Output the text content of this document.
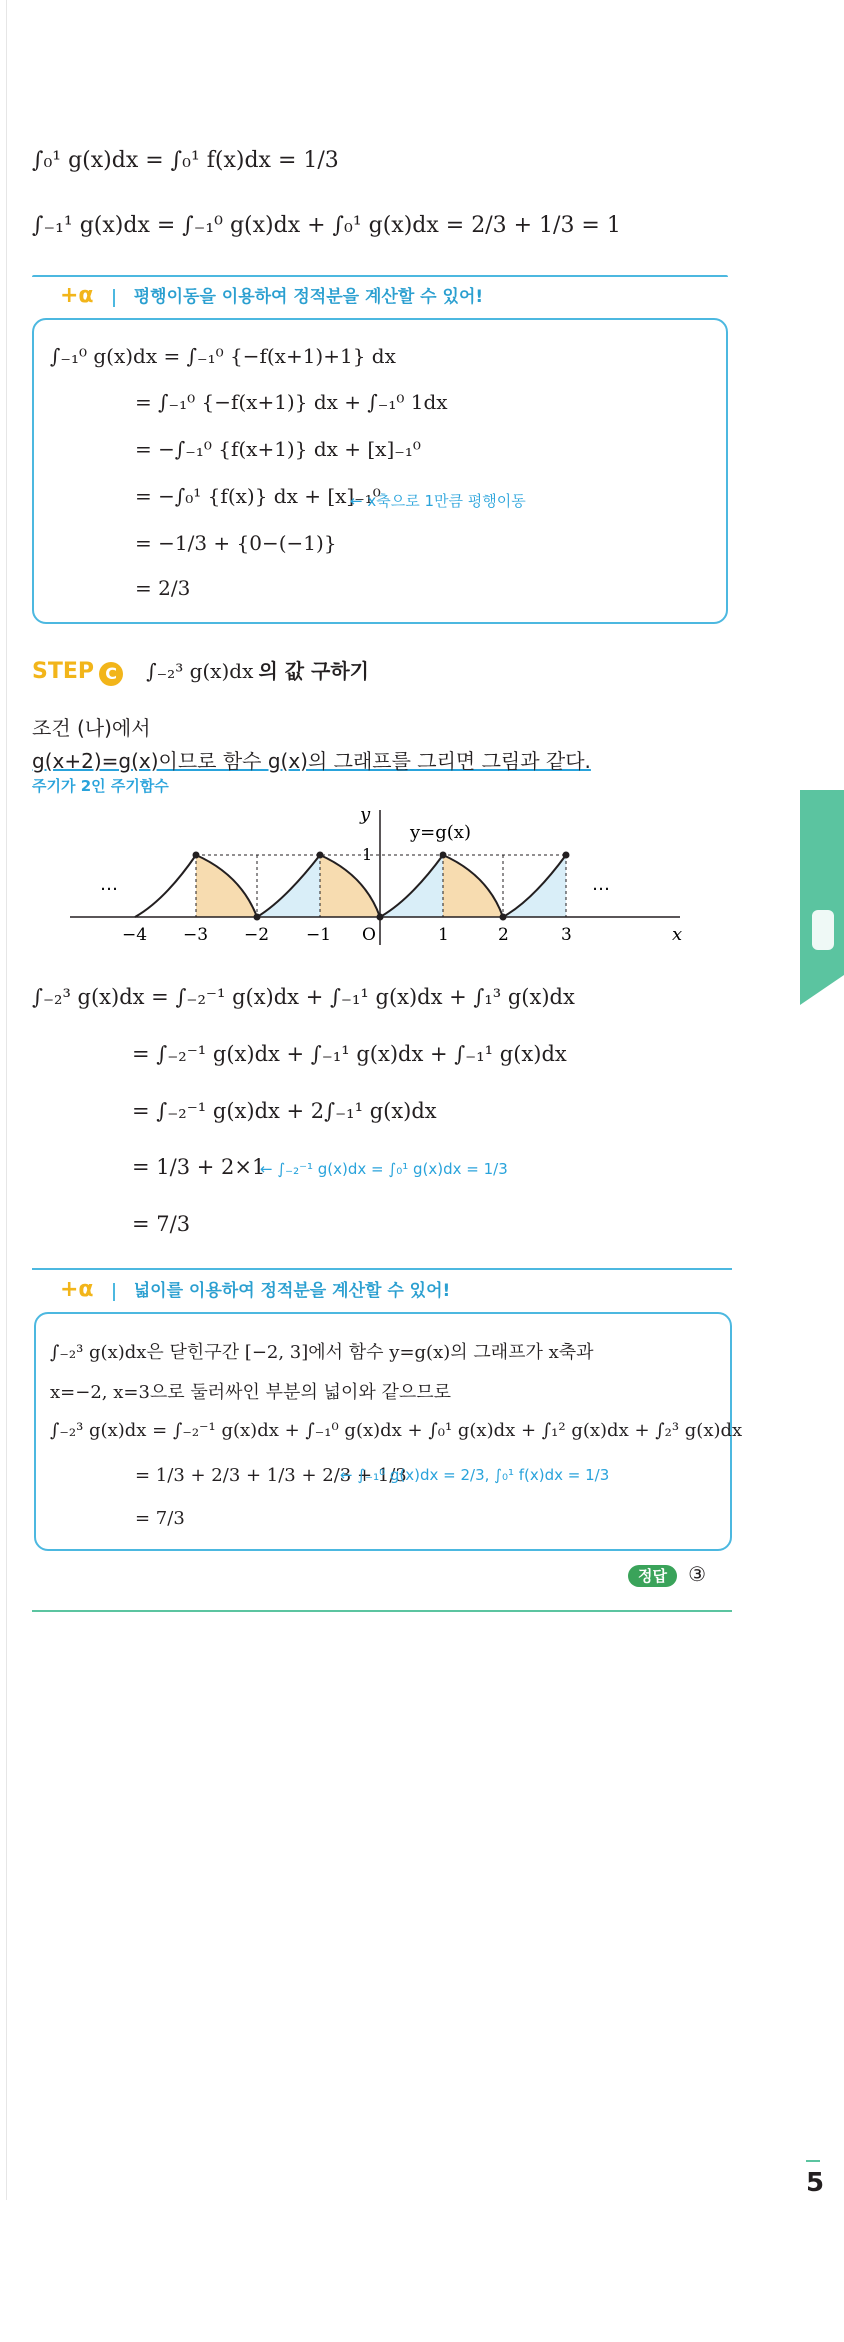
∫₀¹ g(x)dx = ∫₀¹ f(x)dx = 1/3
∫₋₁¹ g(x)dx = ∫₋₁⁰ g(x)dx + ∫₀¹ g(x)dx = 2/3 + 1/3 = 1
+α 평행이동을 이용하여 정적분을 계산할 수 있어!
∫₋₁⁰ g(x)dx = ∫₋₁⁰ {−f(x+1)+1} dx
= ∫₋₁⁰ {−f(x+1)} dx + ∫₋₁⁰ 1dx
= −∫₋₁⁰ {f(x+1)} dx + [x]₋₁⁰
= −∫₀¹ {f(x)} dx + [x]₋₁⁰
← x축으로 1만큼 평행이동
= −1/3 + {0−(−1)}
= 2/3
STEP C ∫₋₂³ g(x)dx 의 값 구하기
조건 (나)에서
g(x+2)=g(x)이므로 함수 g(x)의 그래프를 그리면 그림과 같다.
주기가 2인 주기함수
y
x
y=g(x)
1
O
…	…
−4 −3 −2 −1	1	2	3
∫₋₂³ g(x)dx = ∫₋₂⁻¹ g(x)dx + ∫₋₁¹ g(x)dx + ∫₁³ g(x)dx
= ∫₋₂⁻¹ g(x)dx + ∫₋₁¹ g(x)dx + ∫₋₁¹ g(x)dx
= ∫₋₂⁻¹ g(x)dx + 2∫₋₁¹ g(x)dx
= 1/3 + 2×1
← ∫₋₂⁻¹ g(x)dx = ∫₀¹ g(x)dx = 1/3
= 7/3
+α 넓이를 이용하여 정적분을 계산할 수 있어!
∫₋₂³ g(x)dx은 닫힌구간 [−2, 3]에서 함수 y=g(x)의 그래프가 x축과
x=−2, x=3으로 둘러싸인 부분의 넓이와 같으므로
∫₋₂³ g(x)dx = ∫₋₂⁻¹ g(x)dx + ∫₋₁⁰ g(x)dx + ∫₀¹ g(x)dx + ∫₁² g(x)dx + ∫₂³ g(x)dx
= 1/3 + 2/3 + 1/3 + 2/3 + 1/3
← ∫₋₁⁰ g(x)dx = 2/3, ∫₀¹ f(x)dx = 1/3
= 7/3
정답 ③
5
